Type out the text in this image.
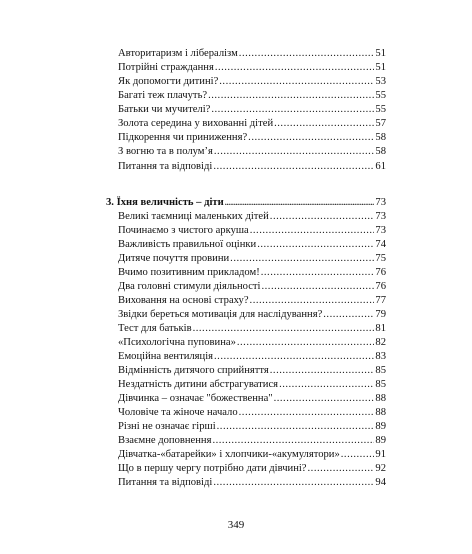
Авторитаризм і лібералізм .....	51
Потрійні страждання .....	51
Як допомогти дитині? .....	53
Багаті теж плачуть? .....	55
Батьки чи мучителі? .....	55
Золота середина у вихованні дітей .....	57
Підкорення чи приниження? .....	58
З вогню та в полум’я .....	58
Питання та відповіді .....	61
3. Їхня величність – діти .....	73
Великі таємниці маленьких дітей .....	73
Починаємо з чистого аркуша .....	73
Важливість правильної оцінки .....	74
Дитяче почуття провини .....	75
Вчимо позитивним прикладом! .....	76
Два головні стимули діяльності .....	76
Виховання на основі страху? .....	77
Звідки береться мотивація для наслідування? .....	79
Тест для батьків .....	81
«Психологічна пуповина» .....	82
Емоційна вентиляція .....	83
Відмінність дитячого сприйняття .....	85
Нездатність дитини абстрагуватися .....	85
Дівчинка – означає "божественна" .....	88
Чоловіче та жіноче начало .....	88
Різні не означає гірші .....	89
Взаємне доповнення .....	89
Дівчатка-«батарейки» і хлопчики-«акумулятори» .....	91
Що в першу чергу потрібно дати дівчині? .....	92
Питання та відповіді .....	94
349
